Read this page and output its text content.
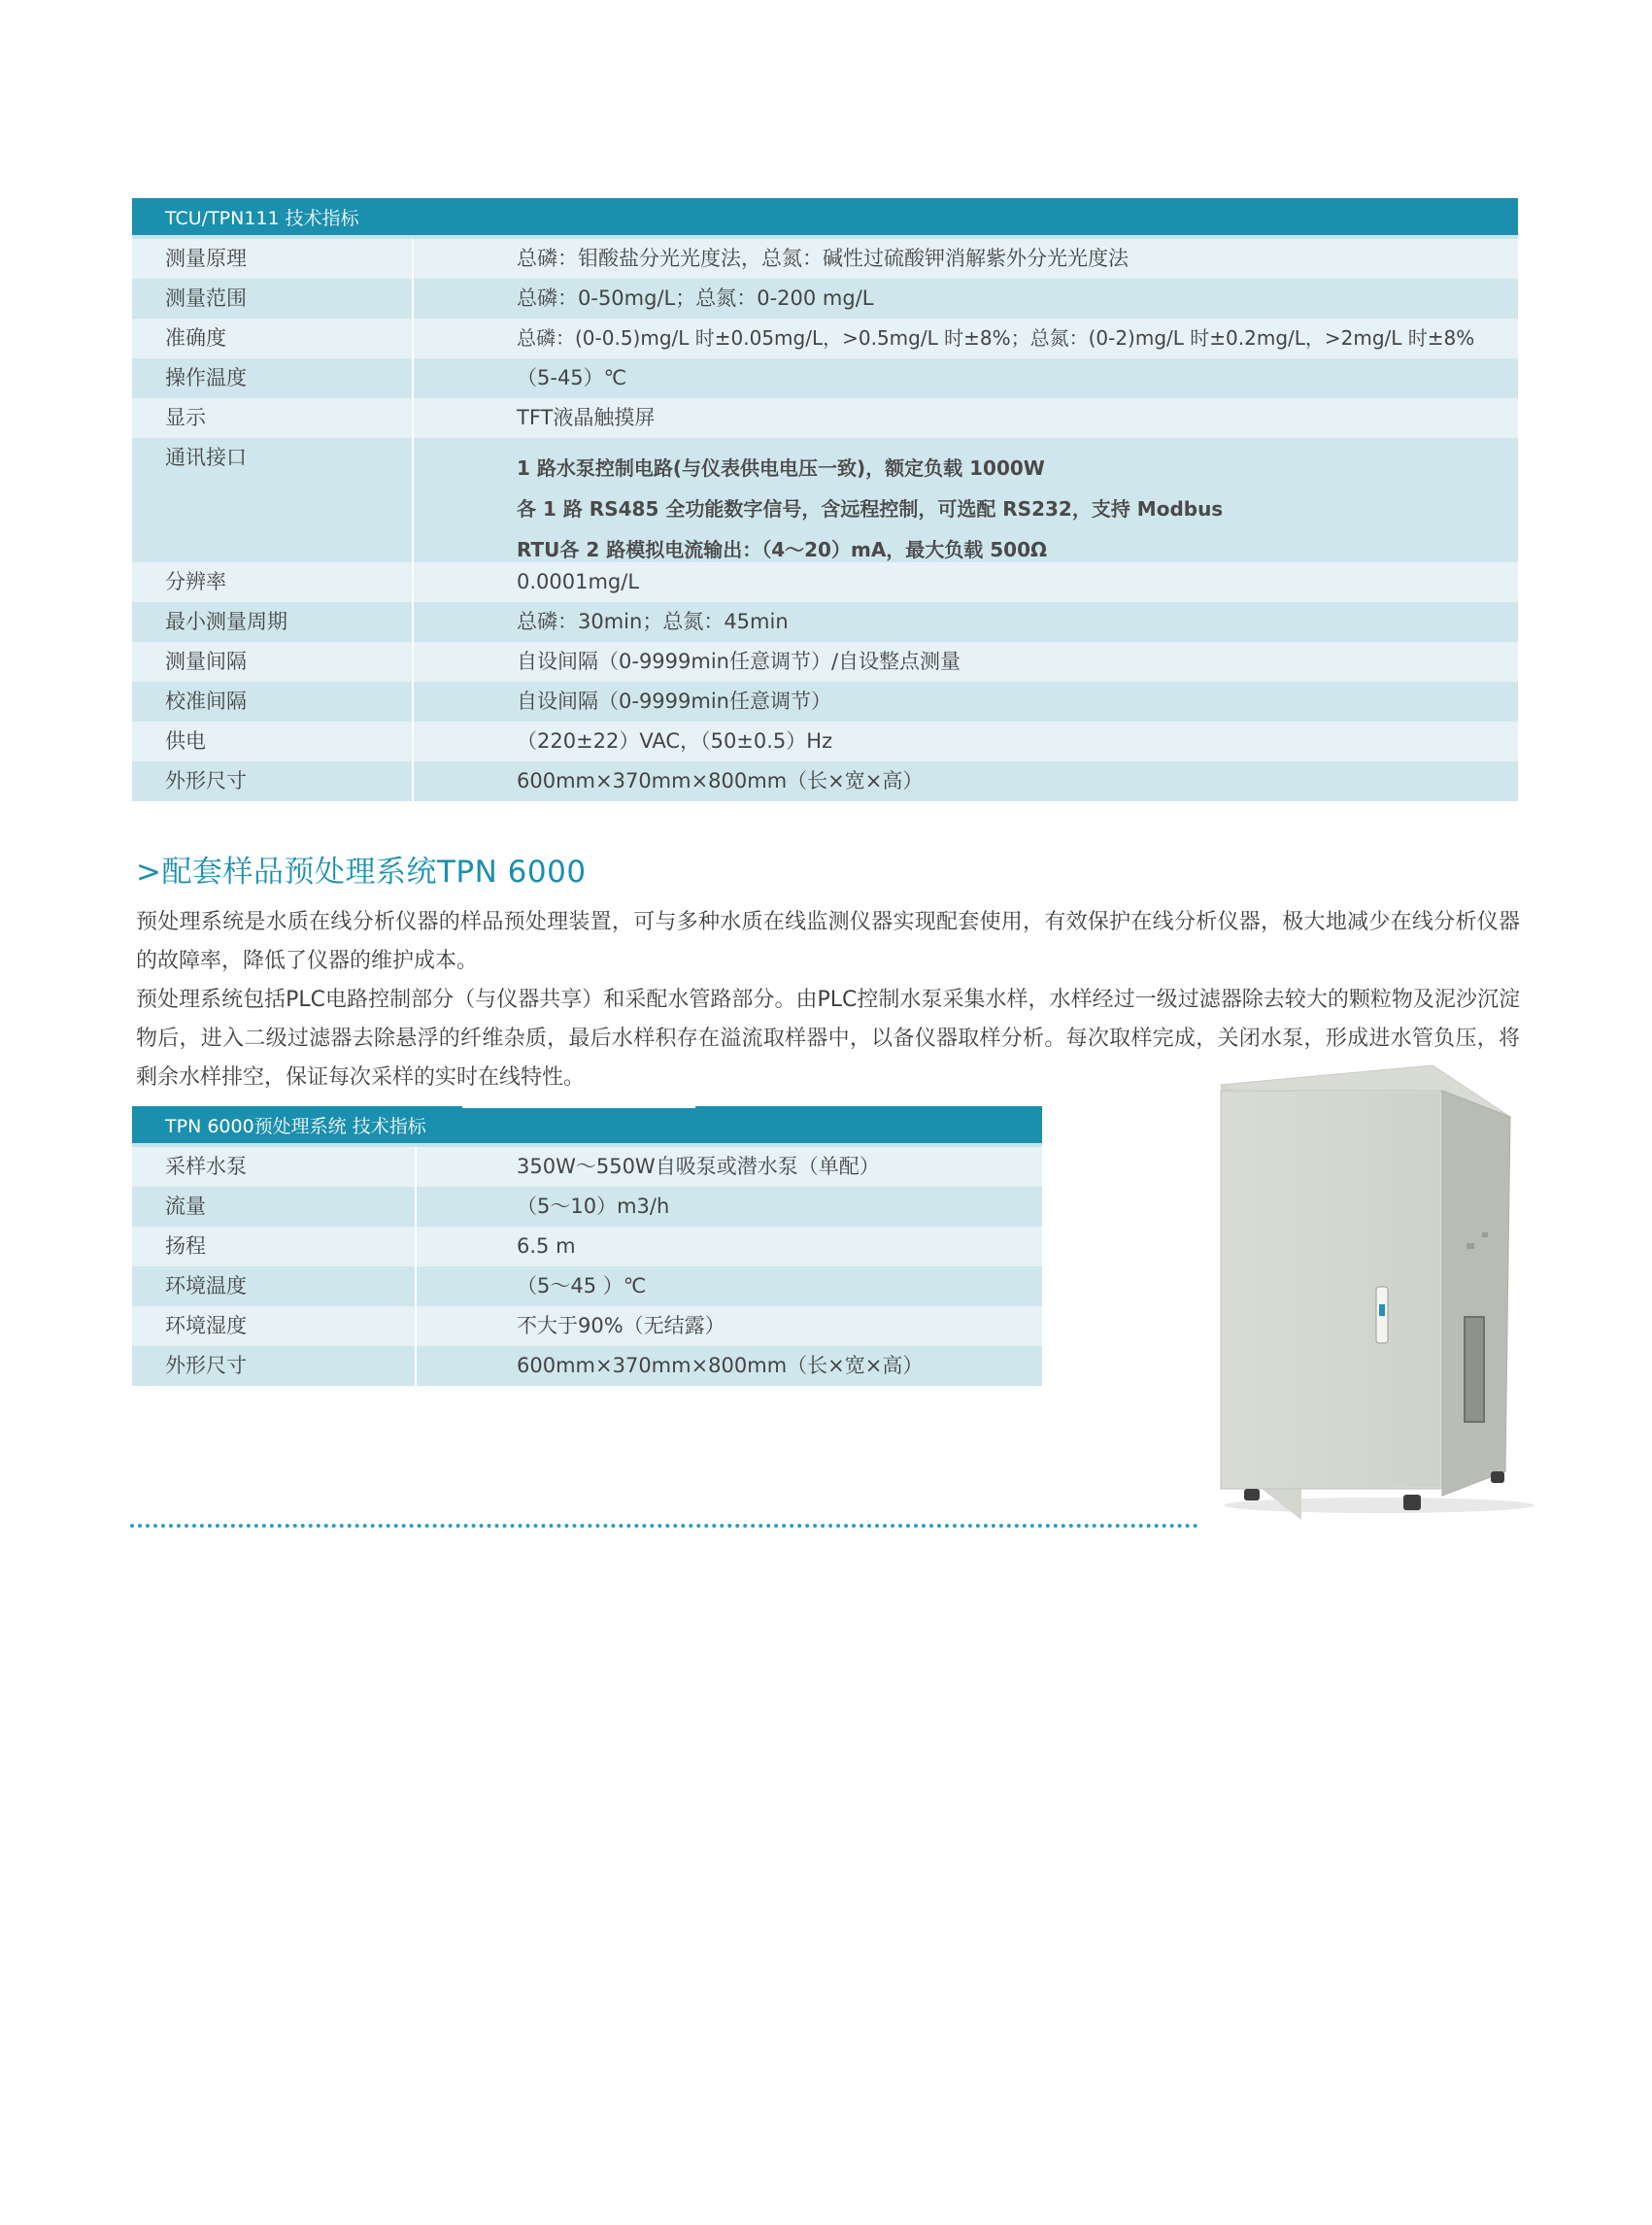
TCU/TPN111 技术指标
测量原理	总磷：钼酸盐分光光度法，总氮：碱性过硫酸钾消解紫外分光光度法
测量范围	总磷：0-50mg/L；总氮：0-200 mg/L
准确度	总磷：(0-0.5)mg/L 时±0.05mg/L，>0.5mg/L 时±8%；总氮：(0-2)mg/L 时±0.2mg/L，>2mg/L 时±8%
操作温度	（5-45）℃
显示	TFT液晶触摸屏
通讯接口	1 路水泵控制电路(与仪表供电电压一致)，额定负载 1000W
各 1 路 RS485 全功能数字信号，含远程控制，可选配 RS232，支持 Modbus
RTU各 2 路模拟电流输出：（4～20）mA，最大负载 500Ω
分辨率	0.0001mg/L
最小测量周期	总磷：30min；总氮：45min
测量间隔	自设间隔（0-9999min任意调节）/自设整点测量
校准间隔	自设间隔（0-9999min任意调节）
供电	（220±22）VAC，（50±0.5）Hz
外形尺寸	600mm×370mm×800mm（长×宽×高）
>配套样品预处理系统TPN 6000
预处理系统是水质在线分析仪器的样品预处理装置，可与多种水质在线监测仪器实现配套使用，有效保护在线分析仪器，极大地减少在线分析仪器的故障率，降低了仪器的维护成本。
预处理系统包括PLC电路控制部分（与仪器共享）和采配水管路部分。由PLC控制水泵采集水样，水样经过一级过滤器除去较大的颗粒物及泥沙沉淀物后，进入二级过滤器去除悬浮的纤维杂质，最后水样积存在溢流取样器中，以备仪器取样分析。每次取样完成，关闭水泵，形成进水管负压，将剩余水样排空，保证每次采样的实时在线特性。
TPN 6000预处理系统 技术指标
采样水泵	350W～550W自吸泵或潜水泵（单配）
流量	（5～10）m3/h
扬程	6.5 m
环境温度	（5～45 ）℃
环境湿度	不大于90%（无结露）
外形尺寸	600mm×370mm×800mm（长×宽×高）
